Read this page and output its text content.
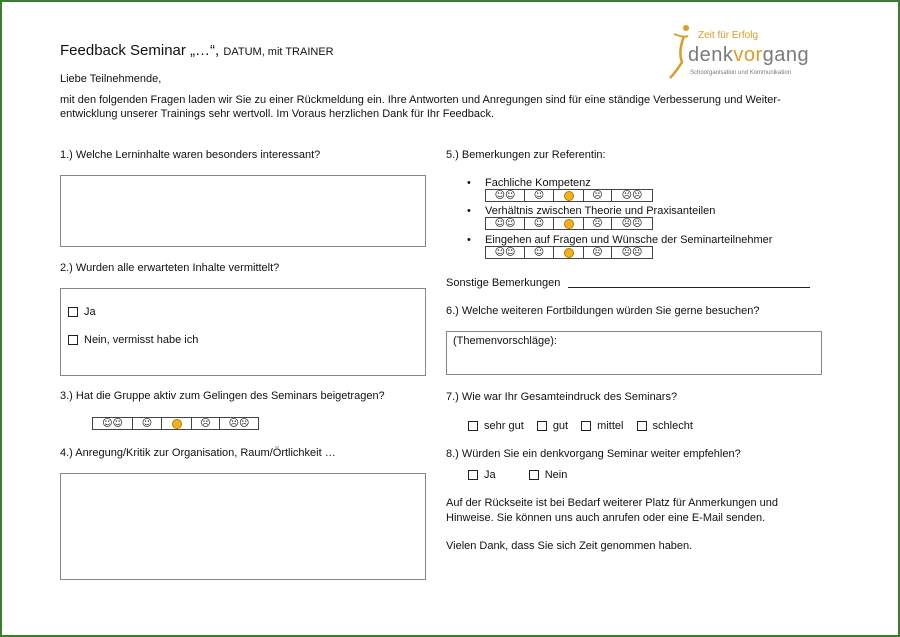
Feedback Seminar „…“, DATUM, mit TRAINER
Zeit für Erfolg
denkvorgang
Schoorganisation und Kommunikation
Liebe Teilnehmende,
mit den folgenden Fragen laden wir Sie zu einer Rückmeldung ein. Ihre Antworten und Anregungen sind für eine ständige Verbesserung und Weiter-
entwicklung unserer Trainings sehr wertvoll. Im Voraus herzlichen Dank für Ihr Feedback.
1.) Welche Lerninhalte waren besonders interessant?
2.) Wurden alle erwarteten Inhalte vermittelt?
Ja
Nein, vermisst habe ich
3.) Hat die Gruppe aktiv zum Gelingen des Seminars beigetragen?
☺☺	☺	☹	☹☹
4.) Anregung/Kritik zur Organisation, Raum/Örtlichkeit …
5.) Bemerkungen zur Referentin:
• Fachliche Kompetenz
☺☺	☺	☹	☹☹
• Verhältnis zwischen Theorie und Praxisanteilen
☺☺	☺	☹	☹☹
• Eingehen auf Fragen und Wünsche der Seminarteilnehmer
☺☺	☺	☹	☹☹
Sonstige Bemerkungen
6.) Welche weiteren Fortbildungen würden Sie gerne besuchen?
(Themenvorschläge):
7.) Wie war Ihr Gesamteindruck des Seminars?
sehr gut	gut	mittel	schlecht
8.) Würden Sie ein denkvorgang Seminar weiter empfehlen?
Ja	Nein
Auf der Rückseite ist bei Bedarf weiterer Platz für Anmerkungen und
Hinweise. Sie können uns auch anrufen oder eine E-Mail senden.
Vielen Dank, dass Sie sich Zeit genommen haben.
